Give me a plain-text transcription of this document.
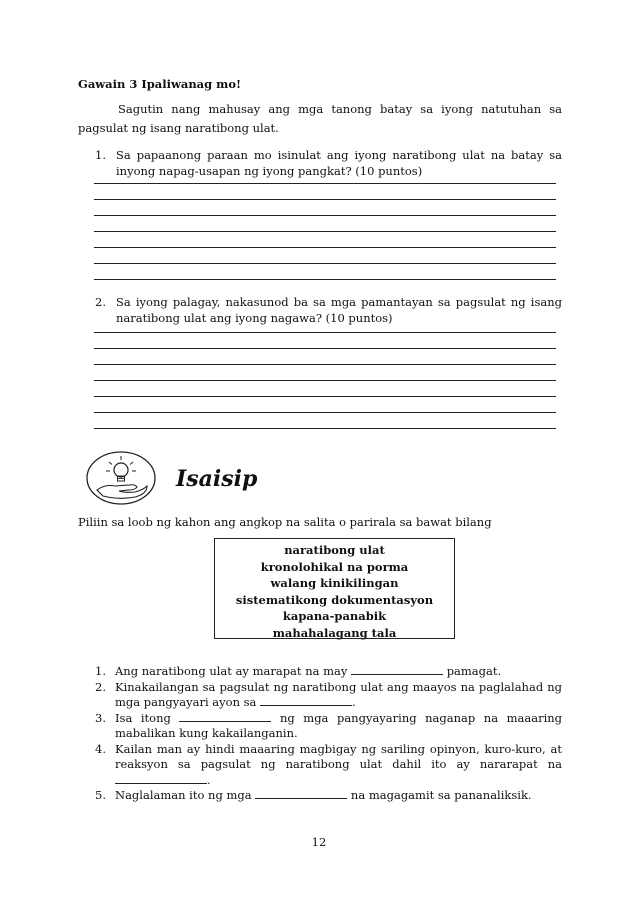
Gawain 3 Ipaliwanag mo!
Sagutin nang mahusay ang mga tanong batay sa iyong natutuhan sa pagsulat ng isang naratibong ulat.
1. Sa papaanong paraan mo isinulat ang iyong naratibong ulat na batay sa inyong napag-usapan ng iyong pangkat? (10 puntos)
2. Sa iyong palagay, nakasunod ba sa mga pamantayan sa pagsulat ng isang naratibong ulat ang iyong nagawa? (10 puntos)
Isaisip
Piliin sa loob ng kahon ang angkop na salita o parirala sa bawat bilang
naratibong ulat
kronolohikal na porma
walang kinikilingan
sistematikong dokumentasyon
kapana-panabik
mahahalagang tala
1. Ang naratibong ulat ay marapat na may	pamagat.
2. Kinakailangan sa pagsulat ng naratibong ulat ang maayos na paglalahad ng mga pangyayari ayon sa	.
3. Isa itong	ng mga pangyayaring naganap na maaaring mabalikan kung kakailanganin.
4. Kailan man ay hindi maaaring magbigay ng sariling opinyon, kuro-kuro, at reaksyon sa pagsulat ng naratibong ulat dahil ito ay nararapat na .
5. Naglalaman ito ng mga	na magagamit sa pananaliksik.
12
